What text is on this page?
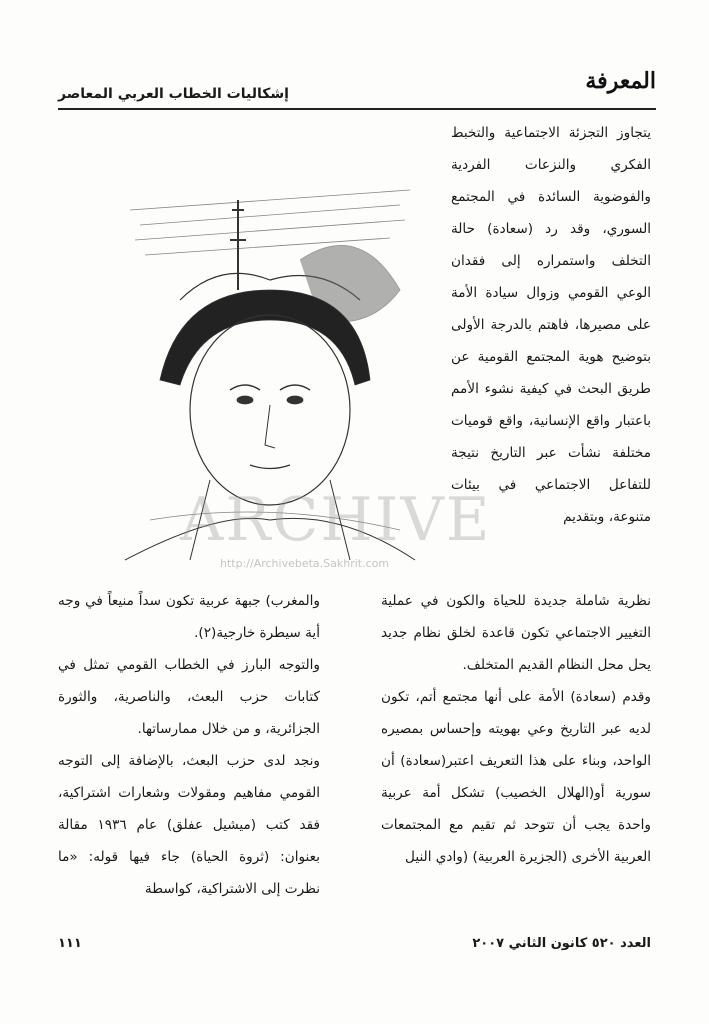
المعرفة
إشكاليات الخطاب العربي المعاصر

يتجاوز التجزئة الاجتماعية والتخبط الفكري والنزعات الفردية والفوضوية السائدة في المجتمع السوري، وقد رد (سعادة) حالة التخلف واستمراره إلى فقدان الوعي القومي وزوال سيادة الأمة على مصيرها، فاهتم بالدرجة الأولى بتوضيح هوية المجتمع القومية عن طريق البحث في كيفية نشوء الأمم باعتبار واقع الإنسانية، واقع قوميات مختلفة نشأت عبر التاريخ نتيجة للتفاعل الاجتماعي في بيئات متنوعة، وبتقديم

ARCHIVE
http://Archivebeta.Sakhrit.com

نظرية شاملة جديدة للحياة والكون في عملية التغيير الاجتماعي تكون قاعدة لخلق نظام جديد يحل محل النظام القديم المتخلف.

وقدم (سعادة) الأمة على أنها مجتمع أتم، تكون لديه عبر التاريخ وعي بهويته وإحساس بمصيره الواحد، وبناء على هذا التعريف اعتبر(سعادة) أن سورية أو(الهلال الخصيب) تشكل أمة عربية واحدة يجب أن تتوحد ثم تقيم مع المجتمعات العربية الأخرى (الجزيرة العربية) (وادي النيل

والمغرب) جبهة عربية تكون سداً منيعاً في وجه أية سيطرة خارجية(٢).

والتوجه البارز في الخطاب القومي تمثل في كتابات حزب البعث، والناصرية، والثورة الجزائرية، و من خلال ممارساتها.

ونجد لدى حزب البعث، بالإضافة إلى التوجه القومي مفاهيم ومقولات وشعارات اشتراكية، فقد كتب (ميشيل عفلق) عام ١٩٣٦ مقالة بعنوان: (ثروة الحياة) جاء فيها قوله: «ما نظرت إلى الاشتراكية، كواسطة

العدد ٥٢٠ كانون الثاني ٢٠٠٧
١١١
